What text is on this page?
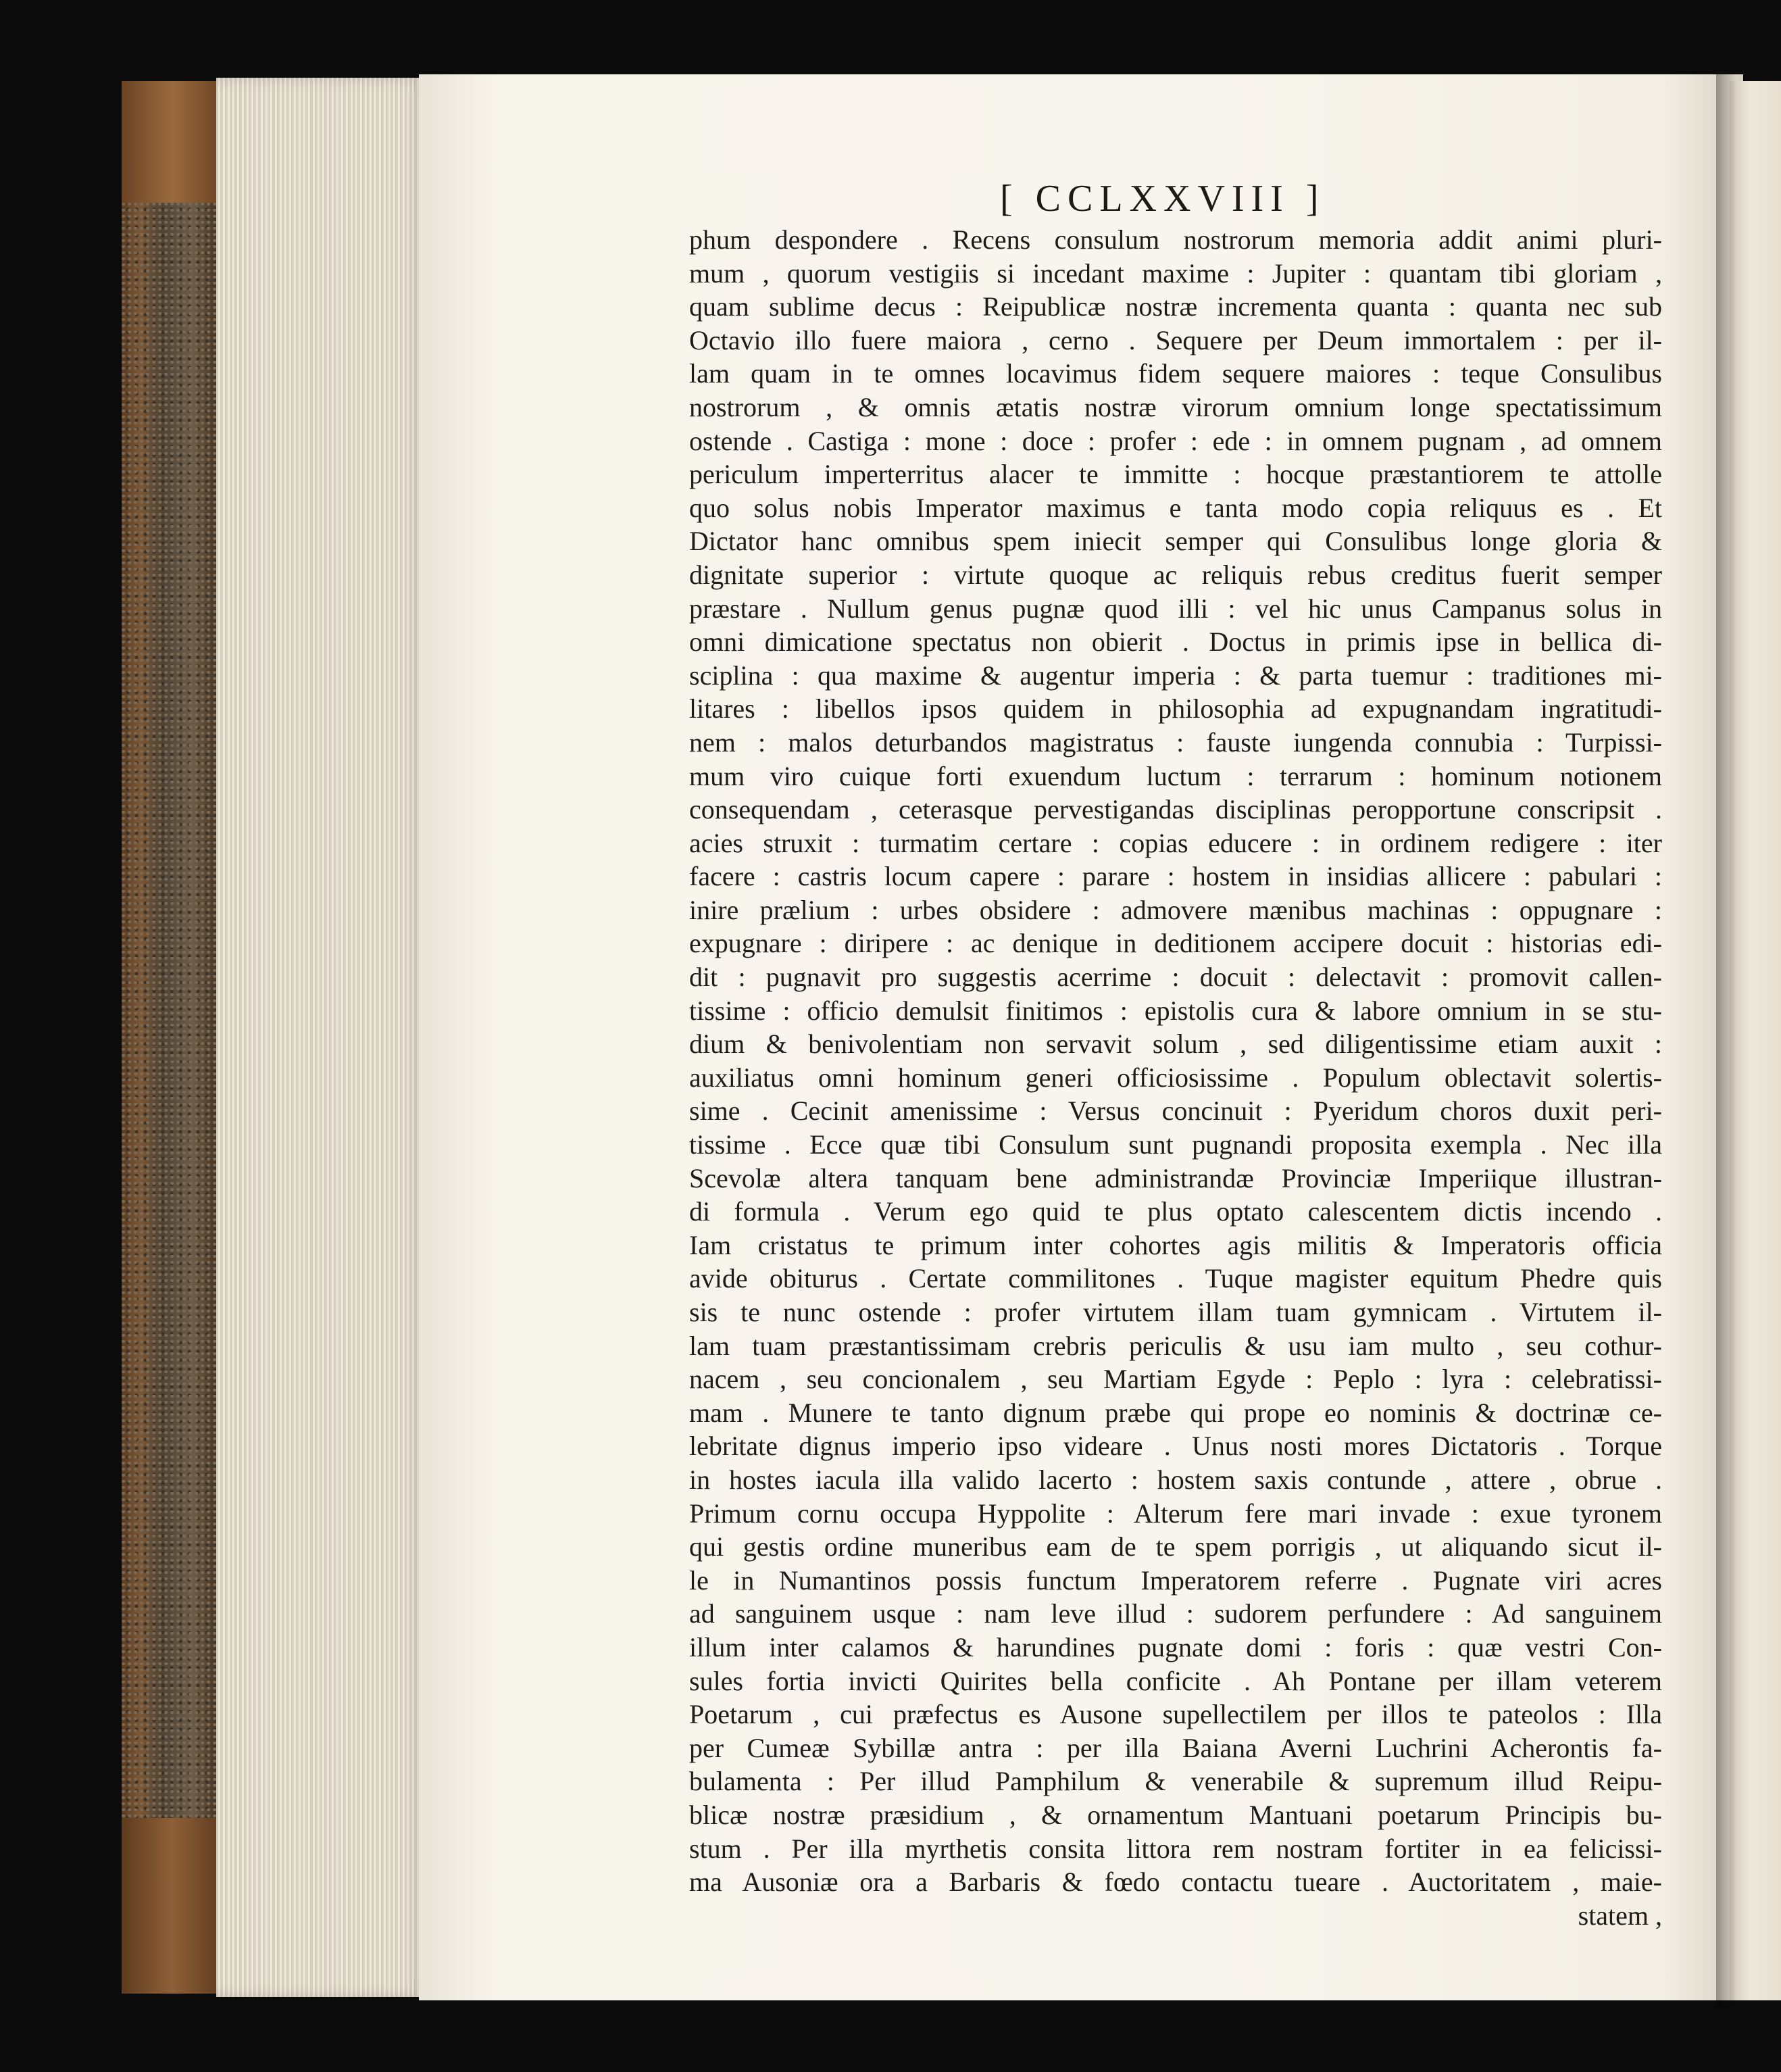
[ CCLXXVIII ]
phum despondere . Recens consulum nostrorum memoria addit animi pluri-
mum , quorum vestigiis si incedant maxime : Jupiter : quantam tibi gloriam ,
quam sublime decus : Reipublicæ nostræ incrementa quanta : quanta nec sub
Octavio illo fuere maiora , cerno . Sequere per Deum immortalem : per il-
lam quam in te omnes locavimus fidem sequere maiores : teque Consulibus
nostrorum , & omnis ætatis nostræ virorum omnium longe spectatissimum
ostende . Castiga : mone : doce : profer : ede : in omnem pugnam , ad omnem
periculum imperterritus alacer te immitte : hocque præstantiorem te attolle
quo solus nobis Imperator maximus e tanta modo copia reliquus es . Et
Dictator hanc omnibus spem iniecit semper qui Consulibus longe gloria &
dignitate superior : virtute quoque ac reliquis rebus creditus fuerit semper
præstare . Nullum genus pugnæ quod illi : vel hic unus Campanus solus in
omni dimicatione spectatus non obierit . Doctus in primis ipse in bellica di-
sciplina : qua maxime & augentur imperia : & parta tuemur : traditiones mi-
litares : libellos ipsos quidem in philosophia ad expugnandam ingratitudi-
nem : malos deturbandos magistratus : fauste iungenda connubia : Turpissi-
mum viro cuique forti exuendum luctum : terrarum : hominum notionem
consequendam , ceterasque pervestigandas disciplinas peropportune conscripsit .
acies struxit : turmatim certare : copias educere : in ordinem redigere : iter
facere : castris locum capere : parare : hostem in insidias allicere : pabulari :
inire prælium : urbes obsidere : admovere mænibus machinas : oppugnare :
expugnare : diripere : ac denique in deditionem accipere docuit : historias edi-
dit : pugnavit pro suggestis acerrime : docuit : delectavit : promovit callen-
tissime : officio demulsit finitimos : epistolis cura & labore omnium in se stu-
dium & benivolentiam non servavit solum , sed diligentissime etiam auxit :
auxiliatus omni hominum generi officiosissime . Populum oblectavit solertis-
sime . Cecinit amenissime : Versus concinuit : Pyeridum choros duxit peri-
tissime . Ecce quæ tibi Consulum sunt pugnandi proposita exempla . Nec illa
Scevolæ altera tanquam bene administrandæ Provinciæ Imperiique illustran-
di formula . Verum ego quid te plus optato calescentem dictis incendo .
Iam cristatus te primum inter cohortes agis militis & Imperatoris officia
avide obiturus . Certate commilitones . Tuque magister equitum Phedre quis
sis te nunc ostende : profer virtutem illam tuam gymnicam . Virtutem il-
lam tuam præstantissimam crebris periculis & usu iam multo , seu cothur-
nacem , seu concionalem , seu Martiam Egyde : Peplo : lyra : celebratissi-
mam . Munere te tanto dignum præbe qui prope eo nominis & doctrinæ ce-
lebritate dignus imperio ipso videare . Unus nosti mores Dictatoris . Torque
in hostes iacula illa valido lacerto : hostem saxis contunde , attere , obrue .
Primum cornu occupa Hyppolite : Alterum fere mari invade : exue tyronem
qui gestis ordine muneribus eam de te spem porrigis , ut aliquando sicut il-
le in Numantinos possis functum Imperatorem referre . Pugnate viri acres
ad sanguinem usque : nam leve illud : sudorem perfundere : Ad sanguinem
illum inter calamos & harundines pugnate domi : foris : quæ vestri Con-
sules fortia invicti Quirites bella conficite . Ah Pontane per illam veterem
Poetarum , cui præfectus es Ausone supellectilem per illos te pateolos : Illa
per Cumeæ Sybillæ antra : per illa Baiana Averni Luchrini Acherontis fa-
bulamenta : Per illud Pamphilum & venerabile & supremum illud Reipu-
blicæ nostræ præsidium , & ornamentum Mantuani poetarum Principis bu-
stum . Per illa myrthetis consita littora rem nostram fortiter in ea felicissi-
ma Ausoniæ ora a Barbaris & fœdo contactu tueare . Auctoritatem , maie-
statem ,
